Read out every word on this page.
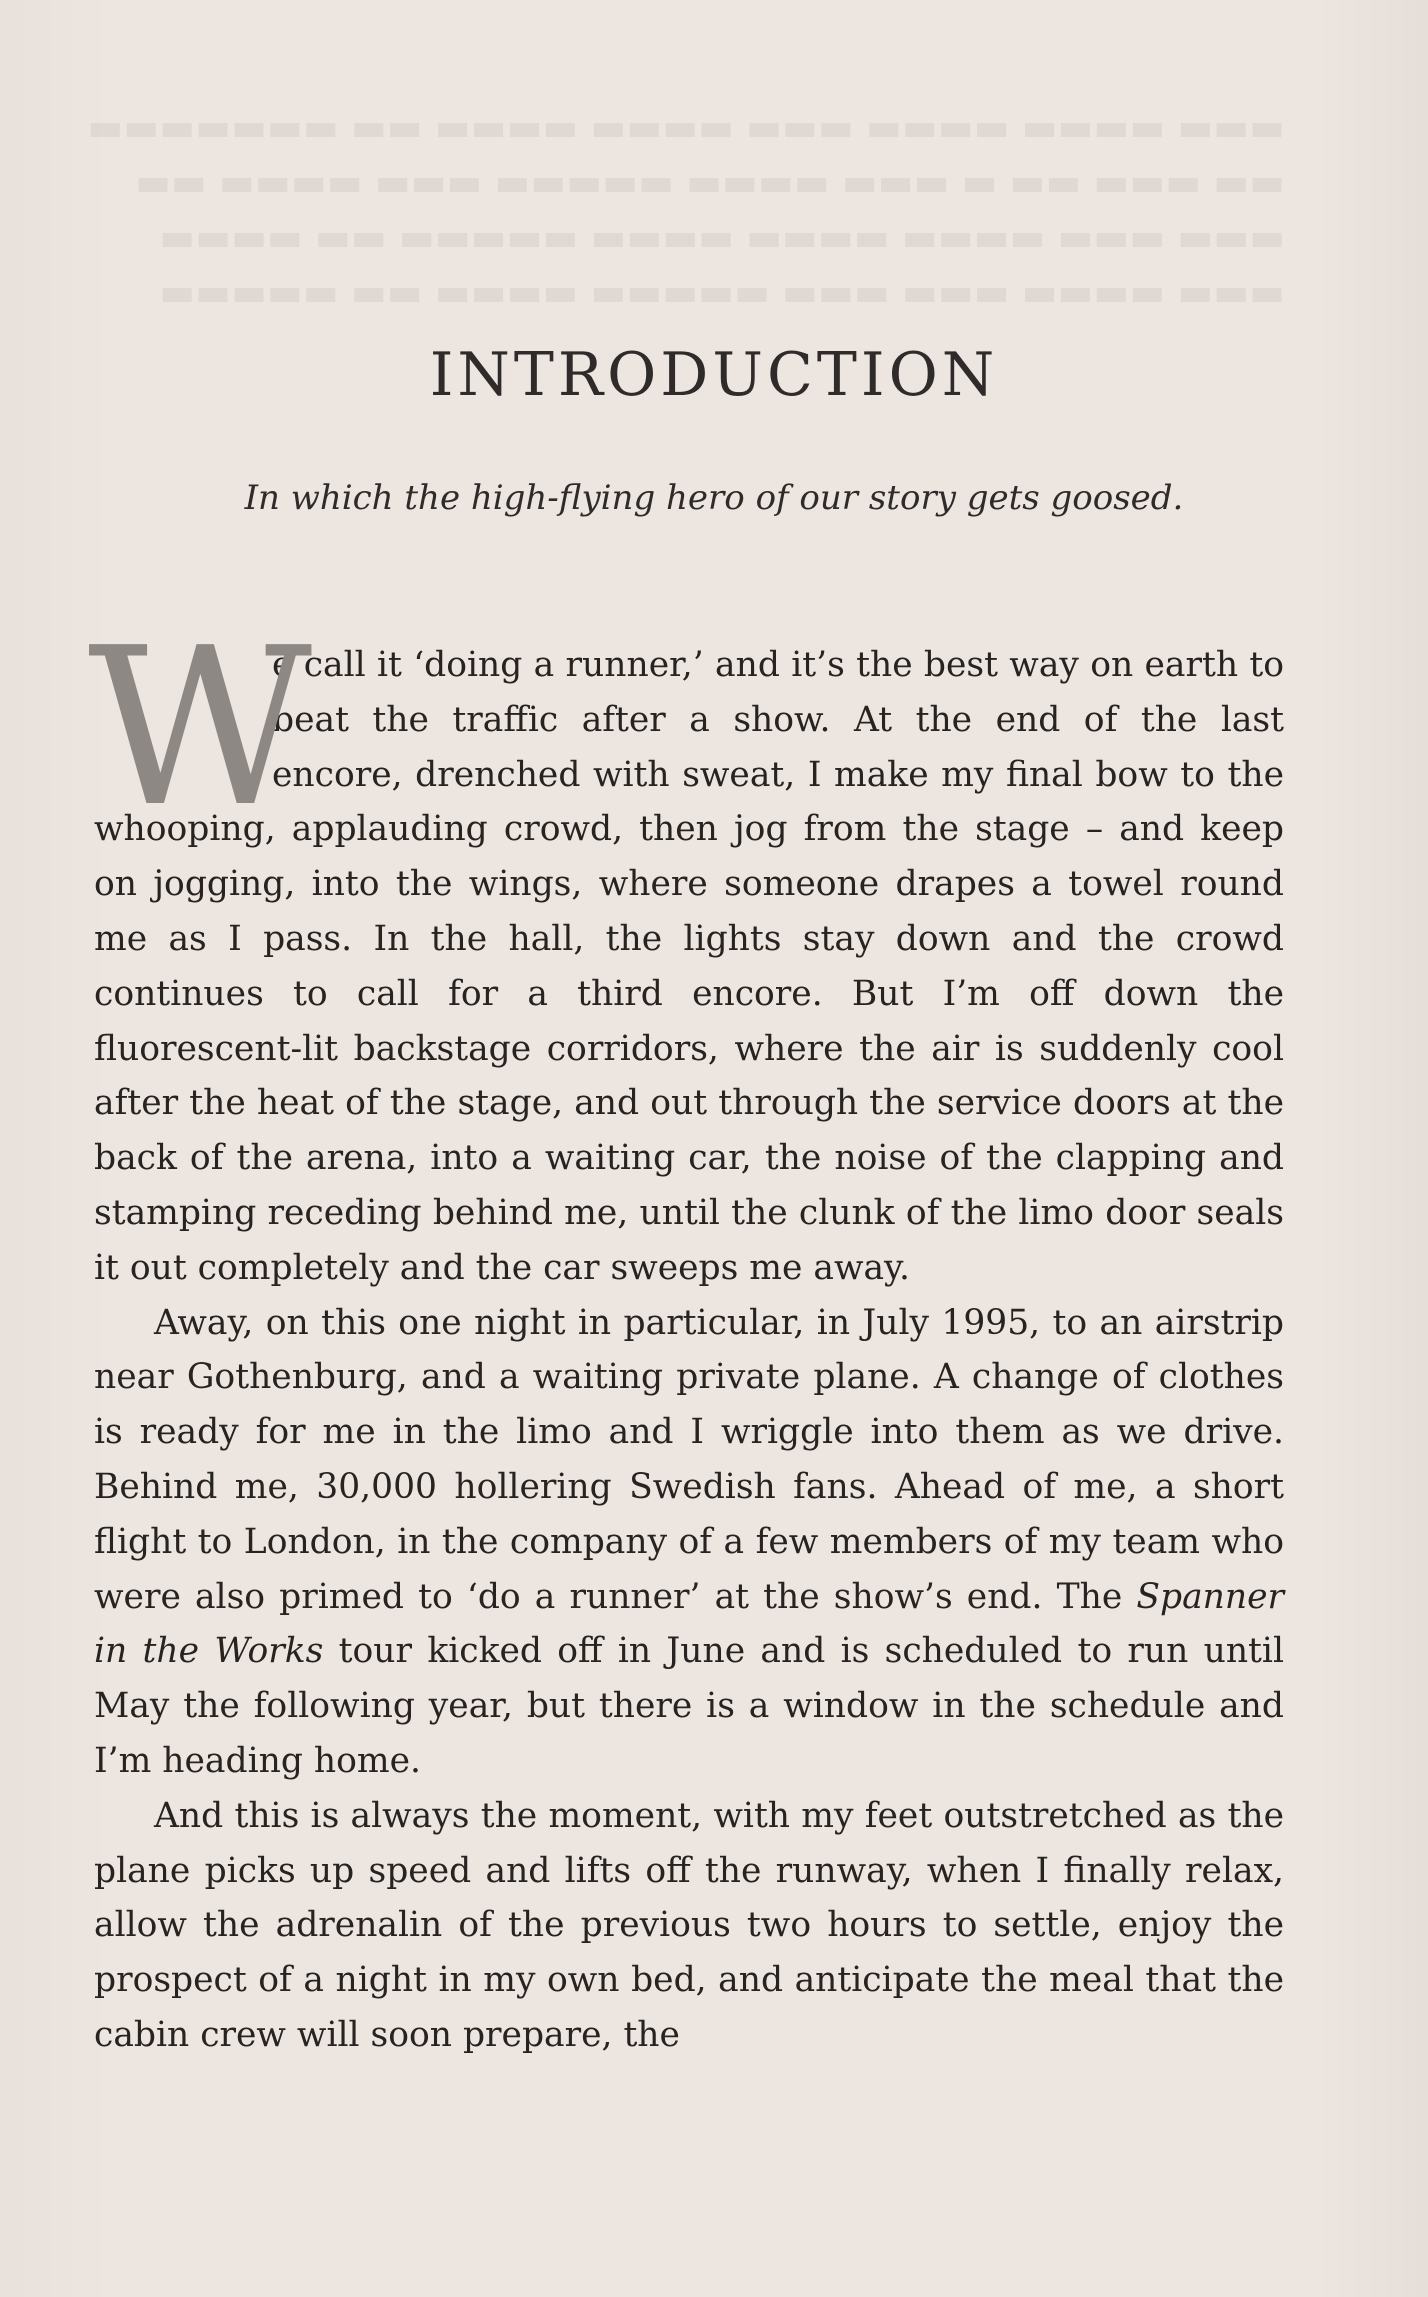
▬▬▬ ▬▬▬▬ ▬▬▬▬ ▬▬▬ ▬▬▬▬ ▬▬▬▬ ▬▬ ▬▬▬▬▬▬▬

▬▬ ▬▬▬ ▬▬ ▬ ▬▬▬ ▬▬▬▬ ▬▬▬▬▬ ▬▬▬ ▬▬▬▬ ▬▬

▬▬▬ ▬▬▬ ▬▬▬▬ ▬▬▬▬ ▬▬▬▬ ▬▬▬▬▬ ▬▬ ▬▬▬▬

▬▬▬ ▬▬▬▬ ▬▬▬ ▬▬▬ ▬▬▬▬▬ ▬▬▬▬ ▬▬ ▬▬▬▬▬

INTRODUCTION

In which the high-flying hero of our story gets goosed.

W
e call it ‘doing a runner,’ and it’s the best way on earth to beat the traffic after a show. At the end of the last encore, drenched with sweat, I make my final bow to the whooping, applauding crowd, then jog from the stage – and keep on jogging, into the wings, where someone drapes a towel round me as I pass. In the hall, the lights stay down and the crowd continues to call for a third encore. But I’m off down the fluorescent-lit backstage corridors, where the air is suddenly cool after the heat of the stage, and out through the service doors at the back of the arena, into a waiting car, the noise of the clapping and stamping receding behind me, until the clunk of the limo door seals it out completely and the car sweeps me away.

Away, on this one night in particular, in July 1995, to an airstrip near Gothenburg, and a waiting private plane. A change of clothes is ready for me in the limo and I wriggle into them as we drive. Behind me, 30,000 hollering Swedish fans. Ahead of me, a short flight to London, in the company of a few members of my team who were also primed to ‘do a runner’ at the show’s end. The Spanner in the Works tour kicked off in June and is scheduled to run until May the following year, but there is a window in the schedule and I’m heading home.

And this is always the moment, with my feet outstretched as the plane picks up speed and lifts off the runway, when I finally relax, allow the adrenalin of the previous two hours to settle, enjoy the prospect of a night in my own bed, and anticipate the meal that the cabin crew will soon prepare, the
